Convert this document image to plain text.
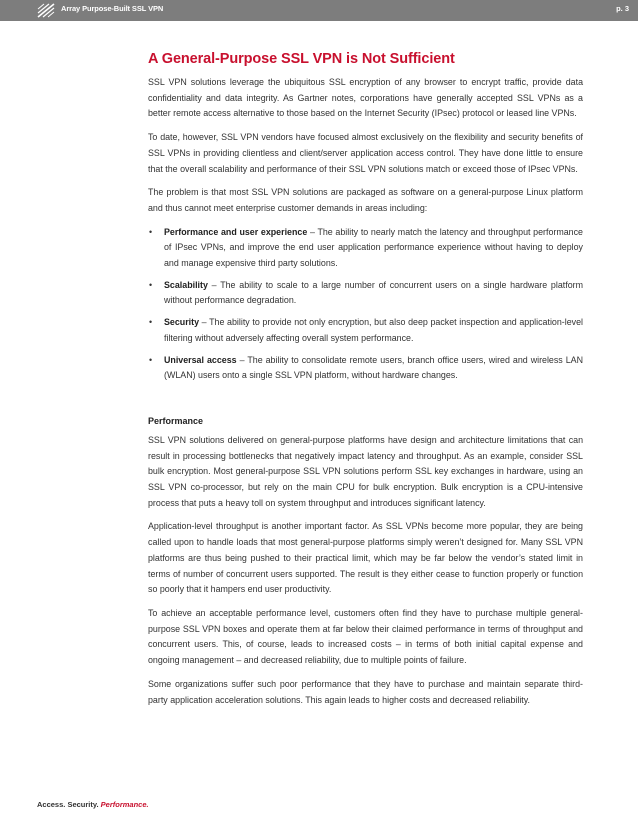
Array Purpose-Built SSL VPN	p. 3
A General-Purpose SSL VPN is Not Sufficient

SSL VPN solutions leverage the ubiquitous SSL encryption of any browser to encrypt traffic, provide data confidentiality and data integrity. As Gartner notes, corporations have generally accepted SSL VPNs as a better remote access alternative to those based on the Internet Security (IPsec) protocol or leased line VPNs.

To date, however, SSL VPN vendors have focused almost exclusively on the flexibility and security benefits of SSL VPNs in providing clientless and client/server application access control. They have done little to ensure that the overall scalability and performance of their SSL VPN solutions match or exceed those of IPsec VPNs.

The problem is that most SSL VPN solutions are packaged as software on a general-purpose Linux platform and thus cannot meet enterprise customer demands in areas including:

• Performance and user experience – The ability to nearly match the latency and throughput performance of IPsec VPNs, and improve the end user application performance experience without having to deploy and manage expensive third party solutions.
• Scalability – The ability to scale to a large number of concurrent users on a single hardware platform without performance degradation.
• Security – The ability to provide not only encryption, but also deep packet inspection and application-level filtering without adversely affecting overall system performance.
• Universal access – The ability to consolidate remote users, branch office users, wired and wireless LAN (WLAN) users onto a single SSL VPN platform, without hardware changes.
Performance

SSL VPN solutions delivered on general-purpose platforms have design and architecture limitations that can result in processing bottlenecks that negatively impact latency and throughput. As an example, consider SSL bulk encryption. Most general-purpose SSL VPN solutions perform SSL key exchanges in hardware, using an SSL VPN co-processor, but rely on the main CPU for bulk encryption. Bulk encryption is a CPU-intensive process that puts a heavy toll on system throughput and introduces significant latency.

Application-level throughput is another important factor. As SSL VPNs become more popular, they are being called upon to handle loads that most general-purpose platforms simply weren’t designed for. Many SSL VPN platforms are thus being pushed to their practical limit, which may be far below the vendor’s stated limit in terms of number of concurrent users supported. The result is they either cease to function properly or function so poorly that it hampers end user productivity.

To achieve an acceptable performance level, customers often find they have to purchase multiple general-purpose SSL VPN boxes and operate them at far below their claimed performance in terms of throughput and concurrent users. This, of course, leads to increased costs – in terms of both initial capital expense and ongoing management – and decreased reliability, due to multiple points of failure.

Some organizations suffer such poor performance that they have to purchase and maintain separate third-party application acceleration solutions. This again leads to higher costs and decreased reliability.

Access. Security. Performance.
